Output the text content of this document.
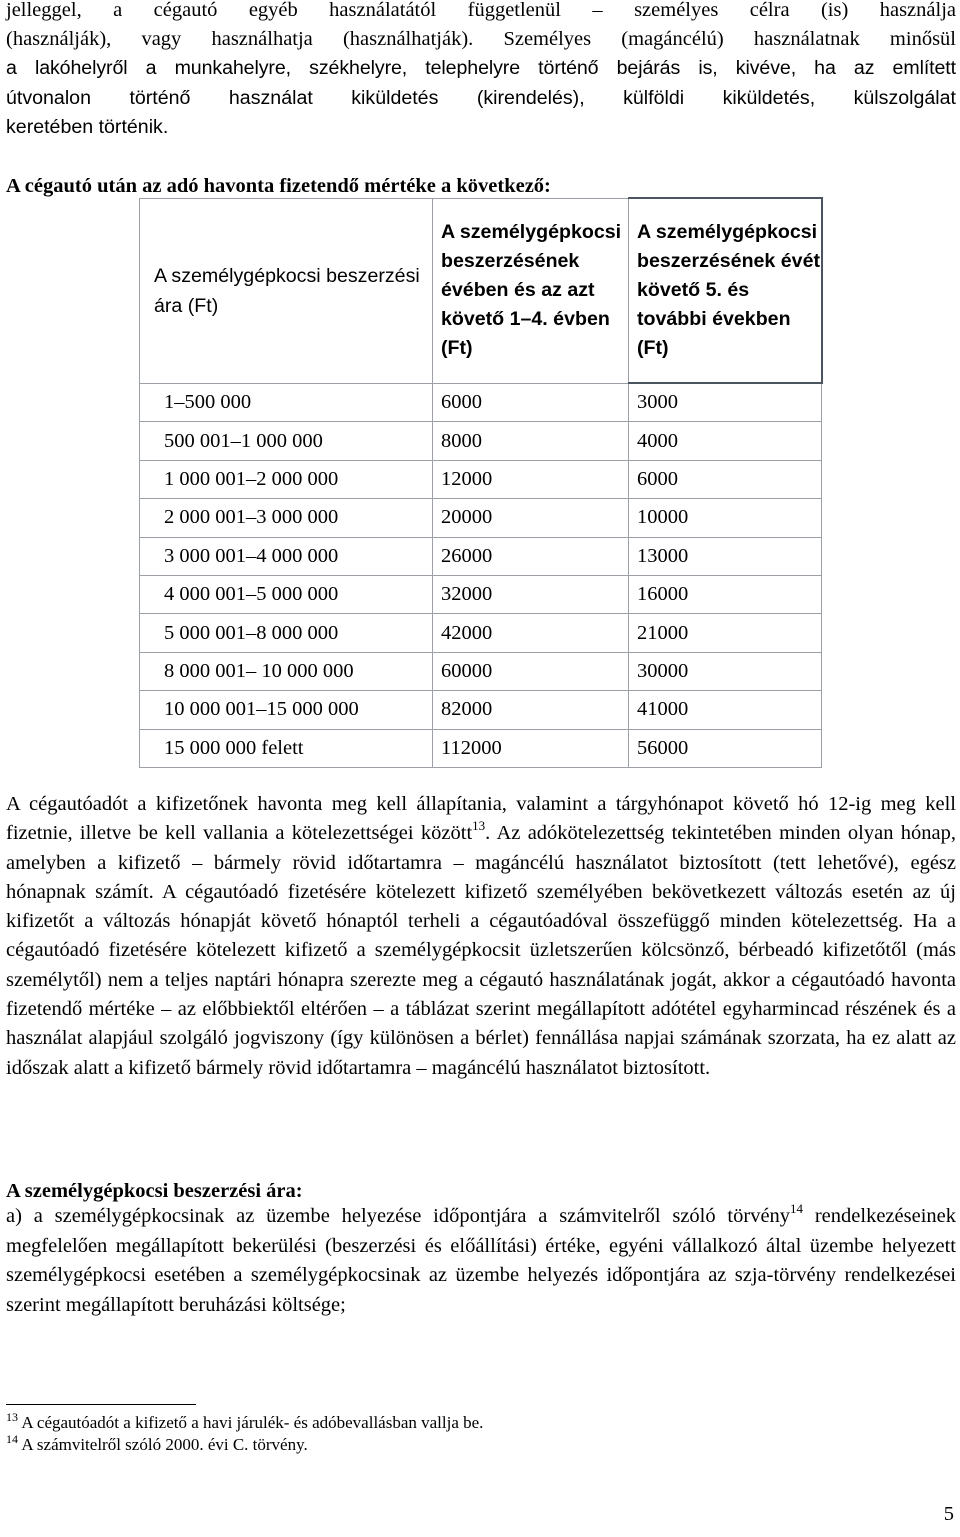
jelleggel, a cégautó egyéb használatától függetlenül – személyes célra (is) használja

(használják), vagy használhatja (használhatják). Személyes (magáncélú) használatnak minősül

a lakóhelyről a munkahelyre, székhelyre, telephelyre történő bejárás is, kivéve, ha az említett

útvonalon történő használat kiküldetés (kirendelés), külföldi kiküldetés, külszolgálat

keretében történik.

A cégautó után az adó havonta fizetendő mértéke a következő:
A személygépkocsi beszerzési ára (Ft)	A személygépkocsi beszerzésének évében és az azt követő 1–4. évben (Ft)	A személygépkocsi beszerzésének évét követő 5. és további években (Ft)
1–500 000	6000	3000
500 001–1 000 000	8000	4000
1 000 001–2 000 000	12000	6000
2 000 001–3 000 000	20000	10000
3 000 001–4 000 000	26000	13000
4 000 001–5 000 000	32000	16000
5 000 001–8 000 000	42000	21000
8 000 001– 10 000 000	60000	30000
10 000 001–15 000 000	82000	41000
15 000 000 felett	112000	56000

A cégautóadót a kifizetőnek havonta meg kell állapítania, valamint a tárgyhónapot követő hó 12-ig meg kell fizetnie, illetve be kell vallania a kötelezettségei között$^{13}$. Az adókötelezettség tekintetében minden olyan hónap, amelyben a kifizető – bármely rövid időtartamra – magáncélú használatot biztosított (tett lehetővé), egész hónapnak számít. A cégautóadó fizetésére kötelezett kifizető személyében bekövetkezett változás esetén az új kifizetőt a változás hónapját követő hónaptól terheli a cégautóadóval összefüggő minden kötelezettség. Ha a cégautóadó fizetésére kötelezett kifizető a személygépkocsit üzletszerűen kölcsönző, bérbeadó kifizetőtől (más személytől) nem a teljes naptári hónapra szerezte meg a cégautó használatának jogát, akkor a cégautóadó havonta fizetendő mértéke – az előbbiektől eltérően – a táblázat szerint megállapított adótétel egyharmincad részének és a használat alapjául szolgáló jogviszony (így különösen a bérlet) fennállása napjai számának szorzata, ha ez alatt az időszak alatt a kifizető bármely rövid időtartamra – magáncélú használatot biztosított.

A személygépkocsi beszerzési ára:

a) a személygépkocsinak az üzembe helyezése időpontjára a számvitelről szóló törvény$^{14}$ rendelkezéseinek megfelelően megállapított bekerülési (beszerzési és előállítási) értéke, egyéni vállalkozó által üzembe helyezett személygépkocsi esetében a személygépkocsinak az üzembe helyezés időpontjára az szja-törvény rendelkezései szerint megállapított beruházási költsége;

$^{13}$ A cégautóadót a kifizető a havi járulék- és adóbevallásban vallja be.
$^{14}$ A számvitelről szóló 2000. évi C. törvény.
5
